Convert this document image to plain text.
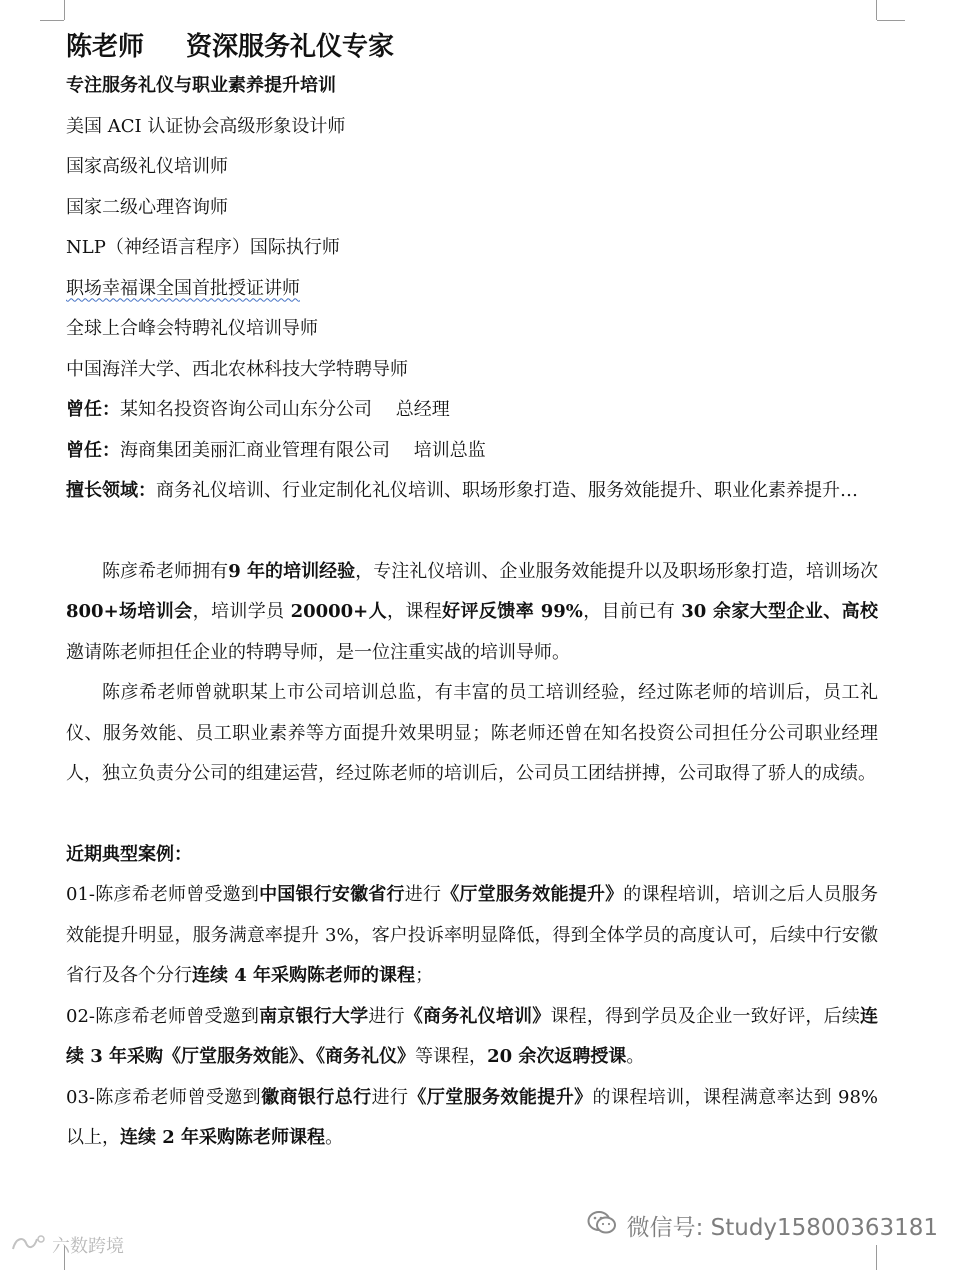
陈老师 资深服务礼仪专家
专注服务礼仪与职业素养提升培训
美国 ACI 认证协会高级形象设计师
国家高级礼仪培训师
国家二级心理咨询师
NLP（神经语言程序）国际执行师
职场幸福课全国首批授证讲师
全球上合峰会特聘礼仪培训导师
中国海洋大学、西北农林科技大学特聘导师
曾任：某知名投资咨询公司山东分公司　 总经理
曾任：海商集团美丽汇商业管理有限公司　 培训总监

擅长领域：商务礼仪培训、行业定制化礼仪培训、职场形象打造、服务效能提升、职业化素养提升…

陈彦希老师拥有9 年的培训经验，专注礼仪培训、企业服务效能提升以及职场形象打造，培训场次 800+场培训会，培训学员 20000+人，课程好评反馈率 99%，目前已有 30 余家大型企业、高校邀请陈老师担任企业的特聘导师，是一位注重实战的培训导师。

陈彦希老师曾就职某上市公司培训总监，有丰富的员工培训经验，经过陈老师的培训后，员工礼仪、服务效能、员工职业素养等方面提升效果明显；陈老师还曾在知名投资公司担任分公司职业经理人，独立负责分公司的组建运营，经过陈老师的培训后，公司员工团结拼搏，公司取得了骄人的成绩。

近期典型案例：

01-陈彦希老师曾受邀到中国银行安徽省行进行《厅堂服务效能提升》的课程培训，培训之后人员服务效能提升明显，服务满意率提升 3%，客户投诉率明显降低，得到全体学员的高度认可，后续中行安徽省行及各个分行连续 4 年采购陈老师的课程；

02-陈彦希老师曾受邀到南京银行大学进行《商务礼仪培训》课程，得到学员及企业一致好评，后续连续 3 年采购《厅堂服务效能》、《商务礼仪》等课程，20 余次返聘授课。

03-陈彦希老师曾受邀到徽商银行总行进行《厅堂服务效能提升》的课程培训，课程满意率达到 98%以上，连续 2 年采购陈老师课程。

微信号: Study15800363181
六数跨境
